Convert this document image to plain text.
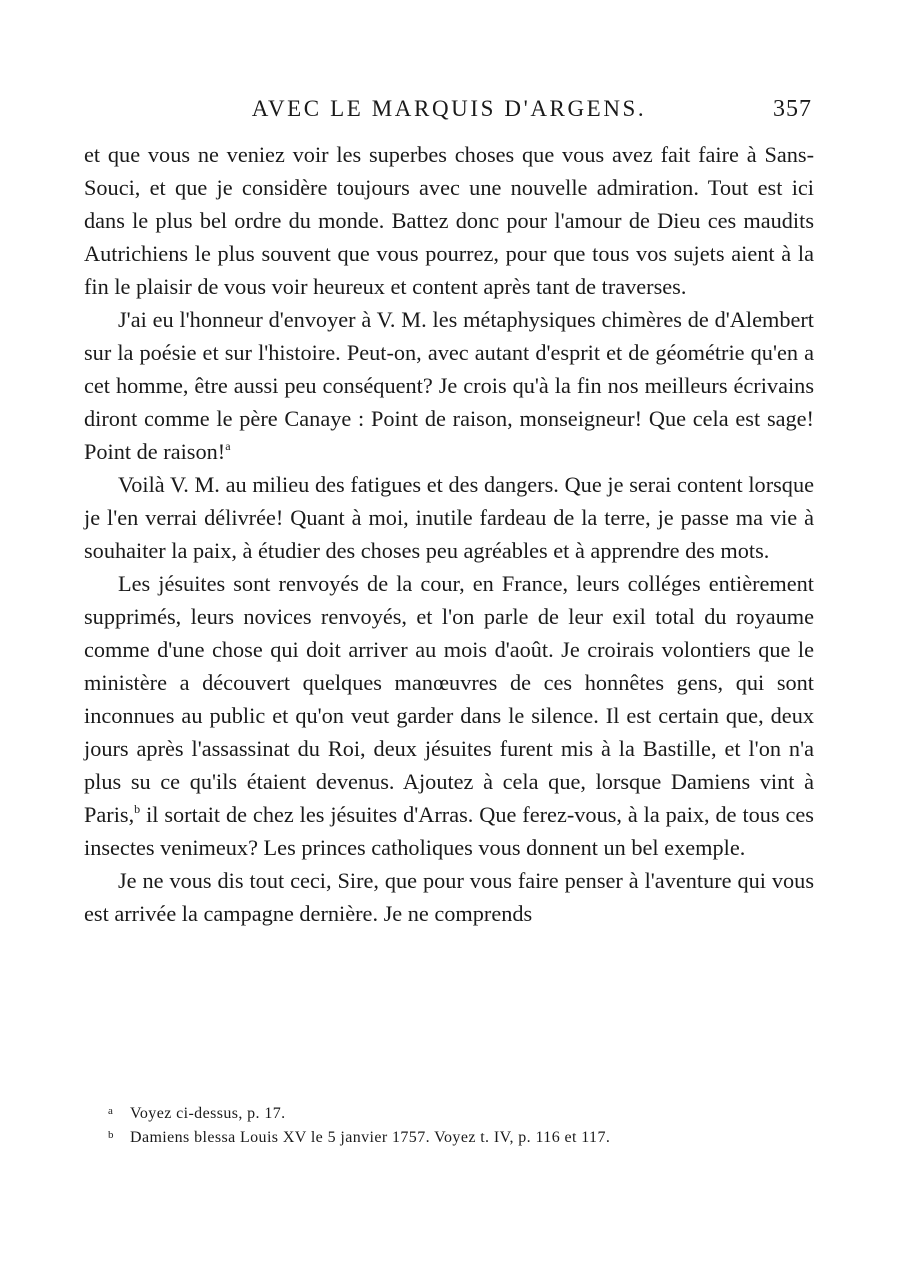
AVEC LE MARQUIS D'ARGENS.	357

et que vous ne veniez voir les superbes choses que vous avez fait faire à Sans-Souci, et que je considère toujours avec une nouvelle admiration. Tout est ici dans le plus bel ordre du monde. Battez donc pour l'amour de Dieu ces maudits Autrichiens le plus souvent que vous pourrez, pour que tous vos sujets aient à la fin le plaisir de vous voir heureux et content après tant de traverses.

J'ai eu l'honneur d'envoyer à V. M. les métaphysiques chimères de d'Alembert sur la poésie et sur l'histoire. Peut-on, avec autant d'esprit et de géométrie qu'en a cet homme, être aussi peu conséquent? Je crois qu'à la fin nos meilleurs écrivains diront comme le père Canaye : Point de raison, monseigneur! Que cela est sage! Point de raison!$^a$

Voilà V. M. au milieu des fatigues et des dangers. Que je serai content lorsque je l'en verrai délivrée! Quant à moi, inutile fardeau de la terre, je passe ma vie à souhaiter la paix, à étudier des choses peu agréables et à apprendre des mots.

Les jésuites sont renvoyés de la cour, en France, leurs colléges entièrement supprimés, leurs novices renvoyés, et l'on parle de leur exil total du royaume comme d'une chose qui doit arriver au mois d'août. Je croirais volontiers que le ministère a découvert quelques manœuvres de ces honnêtes gens, qui sont inconnues au public et qu'on veut garder dans le silence. Il est certain que, deux jours après l'assassinat du Roi, deux jésuites furent mis à la Bastille, et l'on n'a plus su ce qu'ils étaient devenus. Ajoutez à cela que, lorsque Damiens vint à Paris,$^b$ il sortait de chez les jésuites d'Arras. Que ferez-vous, à la paix, de tous ces insectes venimeux? Les princes catholiques vous donnent un bel exemple.

Je ne vous dis tout ceci, Sire, que pour vous faire penser à l'aventure qui vous est arrivée la campagne dernière. Je ne comprends

a Voyez ci-dessus, p. 17.

b Damiens blessa Louis XV le 5 janvier 1757. Voyez t. IV, p. 116 et 117.
